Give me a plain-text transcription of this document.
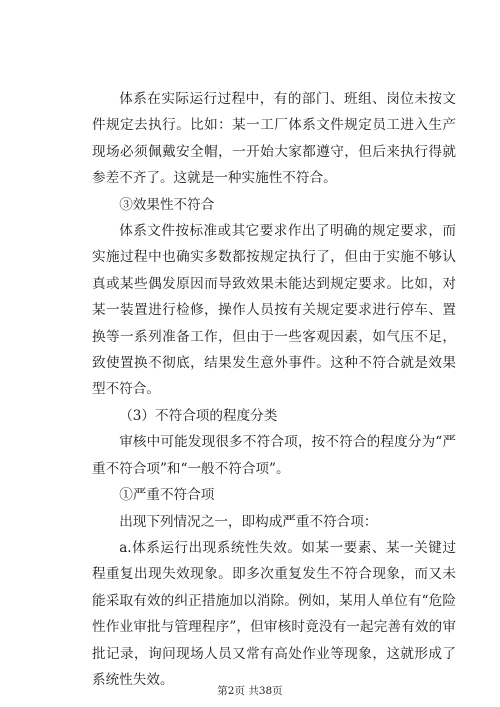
体系在实际运行过程中，有的部门、班组、岗位未按文件规定去执行。比如：某一工厂体系文件规定员工进入生产现场必须佩戴安全帽，一开始大家都遵守，但后来执行得就参差不齐了。这就是一种实施性不符合。

③效果性不符合

体系文件按标准或其它要求作出了明确的规定要求，而实施过程中也确实多数都按规定执行了，但由于实施不够认真或某些偶发原因而导致效果未能达到规定要求。比如，对某一装置进行检修，操作人员按有关规定要求进行停车、置换等一系列准备工作，但由于一些客观因素，如气压不足，致使置换不彻底，结果发生意外事件。这种不符合就是效果型不符合。

（3）不符合项的程度分类

审核中可能发现很多不符合项，按不符合的程度分为“严重不符合项”和“一般不符合项”。

①严重不符合项

出现下列情况之一，即构成严重不符合项：

a.体系运行出现系统性失效。如某一要素、某一关键过程重复出现失效现象。即多次重复发生不符合现象，而又未能采取有效的纠正措施加以消除。例如，某用人单位有“危险性作业审批与管理程序”，但审核时竟没有一起完善有效的审批记录，询问现场人员又常有高处作业等现象，这就形成了系统性失效。

第2页 共38页
